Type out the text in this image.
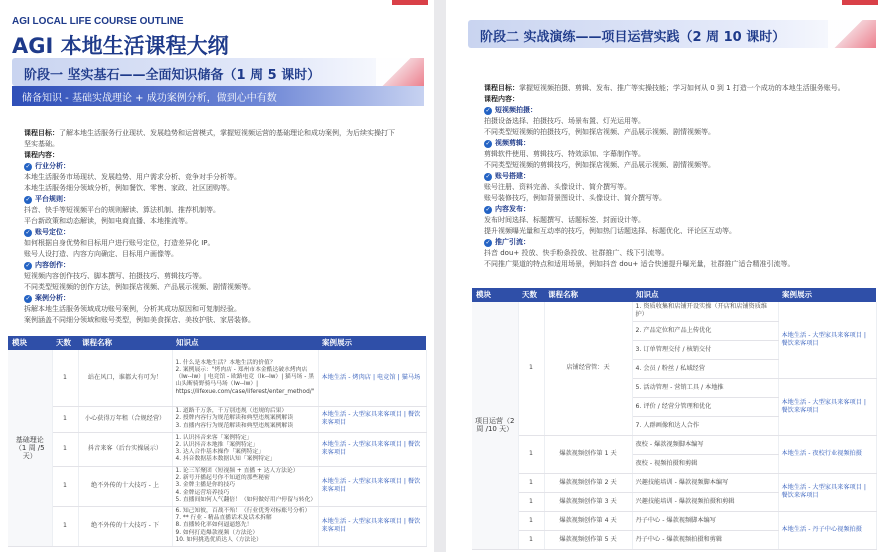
AGI LOCAL LIFE COURSE OUTLINE
AGI 本地生活课程大纲
阶段一 坚实基石——全面知识储备（1 周 5 课时）
储备知识 - 基础实战理论 + 成功案例分析，做到心中有数

课程目标：了解本地生活服务行业现状、发展趋势和运营模式，掌握短视频运营的基础理论和成功案例，为后续实操打下坚实基础。

课程内容：

✓ 行业分析：

本地生活服务市场现状、发展趋势、用户需求分析、竞争对手分析等。

本地生活服务细分领域分析，例如餐饮、零售、家政、社区团购等。

✓ 平台规则：

抖音、快手等短视频平台的规则解读、算法机制、推荐机制等。

平台新政策和动态解读，例如电商直播、本地推流等。

✓ 账号定位：

如何根据自身优势和目标用户进行账号定位，打造差异化 IP。

账号人设打造、内容方向确定、目标用户画像等。

✓ 内容创作：

短视频内容创作技巧、脚本撰写、拍摄技巧、剪辑技巧等。

不同类型短视频的创作方法，例如探店视频、产品展示视频、剧情视频等。

✓ 案例分析：

拆解本地生活服务领域成功账号案例，分析其成功原因和可复制经验。

案例涵盖不同细分领域和账号类型，例如美食探店、美妆护肤、家居装修。

模块	天数	课程名称	知识点	案例展示
基础理论
（1 周 /5 天）	1	站在风口，谁都大有可为！	1. 什么是本地生活？本地生活的价值？
2. 案例展示："烤肉店 - 郑州市本金酷达破水烤肉店（lw--lw）| 电竞馆 - 欧路电竞（lk--lw）| 猫马场 - 黑山头断骑野骑马马场（lw--lw）| https://lifexue.com/case/liferest/enter_method/"	本地生活 - 烤肉店 | 电竞馆 | 猫马场
	1	小心获得万年租（合规经营）	1. 道路千万条，千万别违规（违规的后果）
2. 授牌内容行为规范解读和典型违规案例解读
3. 直播内容行为规范解读和典型违规案例解读	本地生活 - 大型家具来客项目 | 餐饮来客项目
	1	抖音来客（后台实操展示）	1. 认识抖音来客「案例特定」
2. 认识抖音本地推「案例特定」
3. 达人合作基本操作「案例特定」
4. 抖音数据基本数据认知「案例特定」	本地生活 - 大型家具来客项目 | 餐饮来客项目
	1	绝不外传的十大技巧 - 上	1. 论三军聚团（短视频 + 直播 + 达人方法论）
2. 新号开播起号你不知道的那些秘密
3. 金牌主播是你的技巧
4. 金牌运营培养技巧
5. 直播间如何人气翻倍！（如何做好用户停留与转化）	本地生活 - 大型家具来客项目 | 餐饮来客项目
	1	绝不外传的十大技巧 - 下	6. 知己知彼，百战不殆！（行业优秀对标账号分析）
7. ** 行业 - 精品直播话术及话术拆解
8. 直播转化率如何逼逼悠先！
9. 如何打造爆款视频（方法论）
10. 如何挑选优质达人（方法论）	本地生活 - 大型家具来客项目 | 餐饮来客项目
阶段二 实战演练——项目运营实践（2 周 10 课时）

课程目标：掌握短视频拍摄、剪辑、发布、推广等实操技能；学习如何从 0 到 1 打造一个成功的本地生活服务账号。

课程内容：

✓ 短视频拍摄：

拍摄设备选择、拍摄技巧、场景布置、灯光运用等。

不同类型短视频的拍摄技巧，例如探店视频、产品展示视频、剧情视频等。

✓ 视频剪辑：

剪辑软件使用、剪辑技巧、特效添加、字幕制作等。

不同类型短视频的剪辑技巧，例如探店视频、产品展示视频、剧情视频等。

✓ 账号搭建：

账号注册、资料完善、头像设计、简介撰写等。

账号装修技巧，例如背景图设计、头像设计、简介撰写等。

✓ 内容发布：

发布时间选择、标题撰写、话题标签、封面设计等。

提升视频曝光量和互动率的技巧，例如热门话题选择、标题优化、评论区互动等。

✓ 推广引流：

抖音 dou+ 投放、快手粉条投放、社群推广、线下引流等。

不同推广渠道的特点和适用场景，例如抖音 dou+ 适合快速提升曝光量，社群推广适合精准引流等。

模块	天数	课程名称	知识点	案例展示
项目运营（2 周 /10 天）	1	店铺经营管：天	1. 资质收集和店铺开设实操（开店和店铺资质维护）	本地生活 - 大型家具来客项目 | 餐饮来客项目
			2. 产品定位和产品上传优化	
			3. 订单管理交付 / 核销交付	
			4. 会员 / 粉丝 / 私域经营	
			5. 活动管理 - 营销工具 / 本地推	本地生活 - 大型家具来客项目 | 餐饮来客项目
			6. 评价 / 经营分管理和优化	
			7. 人群画像和达人合作	
	1	爆款视频创作第 1 天	夜校 - 爆款视频脚本编写	本地生活 - 夜校行业视频拍摄
			夜校 - 视频拍摄和剪辑	
	1	爆款视频创作第 2 天	兴趣技能培训 - 爆款视频脚本编写	本地生活 - 大型家具来客项目 | 餐饮来客项目
	1	爆款视频创作第 3 天	兴趣技能培训 - 爆款视频拍摄和剪辑	
	1	爆款视频创作第 4 天	丹子中心 - 爆款视频脚本编写	本地生活 - 丹子中心视频拍摄
	1	爆款视频创作第 5 天	丹子中心 - 爆款视频拍摄和剪辑	
